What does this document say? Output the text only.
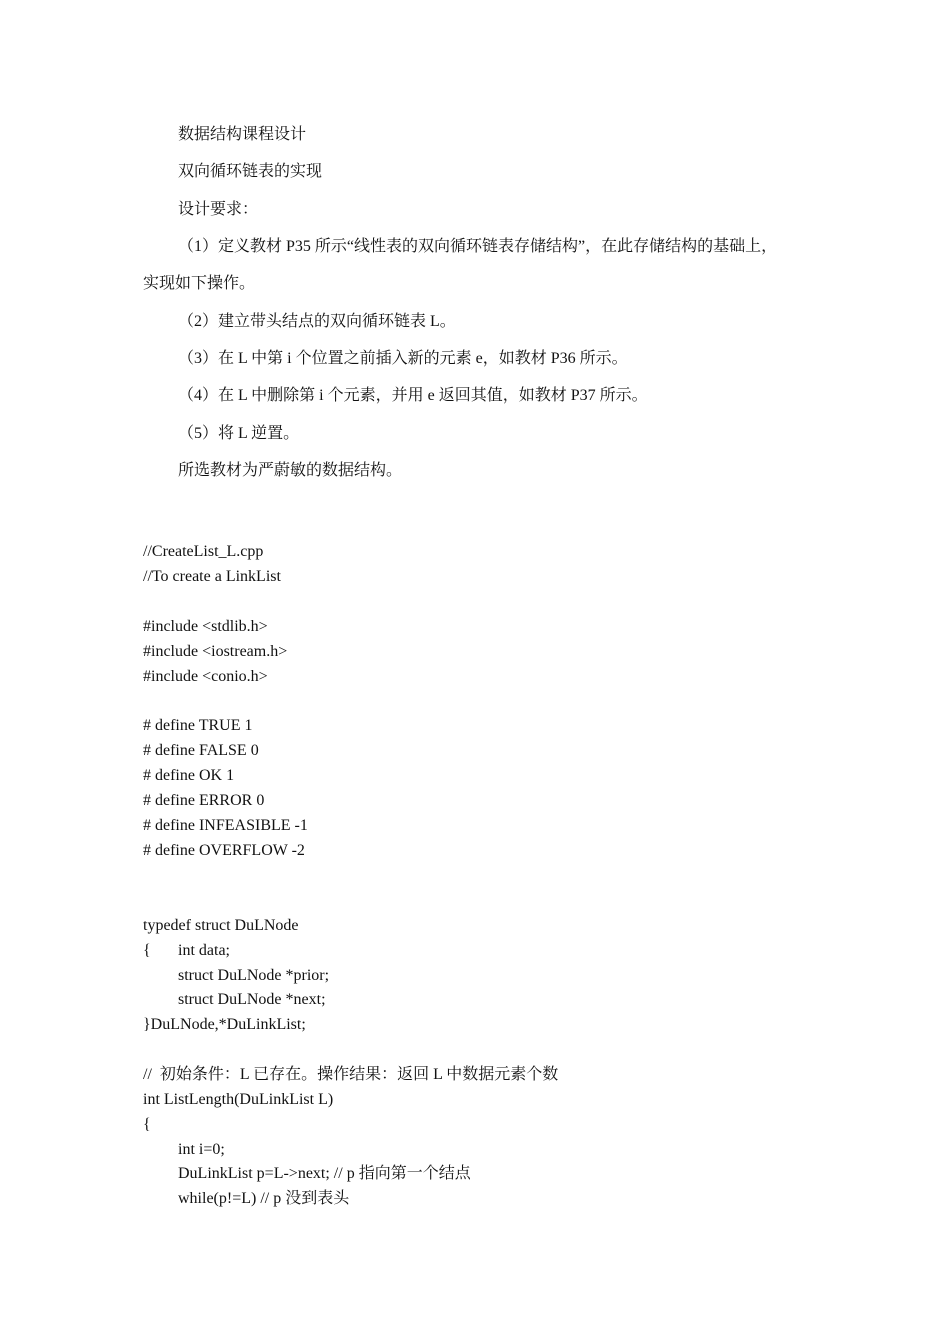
数据结构课程设计
双向循环链表的实现
设计要求：
（1）定义教材 P35 所示“线性表的双向循环链表存储结构”，在此存储结构的基础上，
实现如下操作。
（2）建立带头结点的双向循环链表 L。
（3）在 L 中第 i 个位置之前插入新的元素 e，如教材 P36 所示。
（4）在 L 中删除第 i 个元素，并用 e 返回其值，如教材 P37 所示。
（5）将 L 逆置。
所选教材为严蔚敏的数据结构。
//CreateList_L.cpp
//To create a LinkList
#include <stdlib.h>
#include <iostream.h>
#include <conio.h>
# define TRUE 1
# define FALSE 0
# define OK 1
# define ERROR 0
# define INFEASIBLE -1
# define OVERFLOW -2
typedef struct DuLNode
{ int data;
struct DuLNode *prior;
struct DuLNode *next;
}DuLNode,*DuLinkList;
//  初始条件：L 已存在。操作结果：返回 L 中数据元素个数
int ListLength(DuLinkList L)
{
int i=0;
DuLinkList p=L->next; // p 指向第一个结点
while(p!=L) // p 没到表头
